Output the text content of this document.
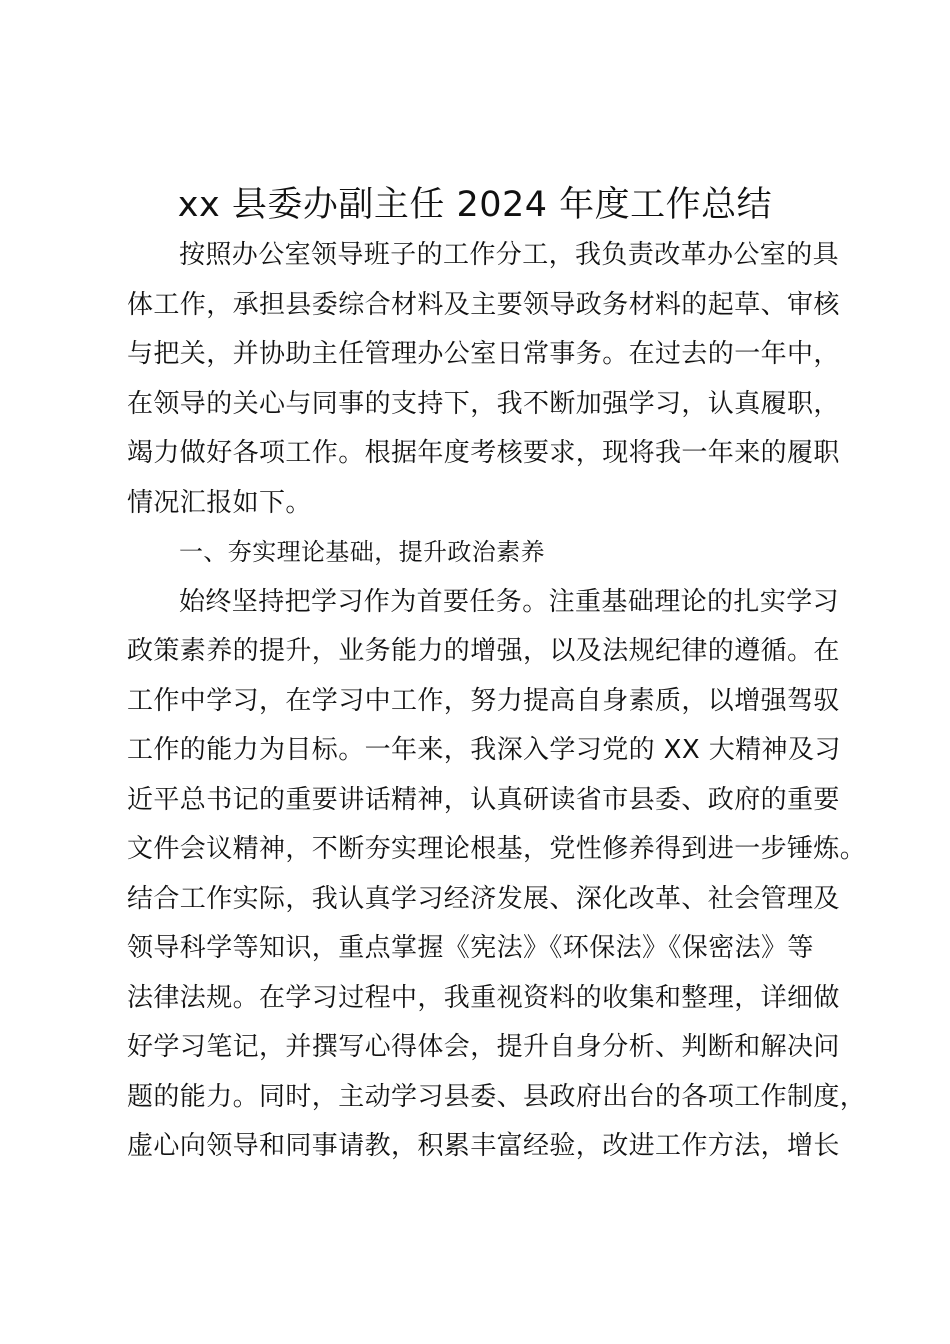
xx 县委办副主任 2024 年度工作总结
按照办公室领导班子的工作分工，我负责改革办公室的具
体工作，承担县委综合材料及主要领导政务材料的起草、审核
与把关，并协助主任管理办公室日常事务。在过去的一年中，
在领导的关心与同事的支持下，我不断加强学习，认真履职，
竭力做好各项工作。根据年度考核要求，现将我一年来的履职
情况汇报如下。
一、夯实理论基础，提升政治素养
始终坚持把学习作为首要任务。注重基础理论的扎实学习
政策素养的提升，业务能力的增强，以及法规纪律的遵循。在
工作中学习，在学习中工作，努力提高自身素质，以增强驾驭
工作的能力为目标。一年来，我深入学习党的 XX 大精神及习
近平总书记的重要讲话精神，认真研读省市县委、政府的重要
文件会议精神，不断夯实理论根基，党性修养得到进一步锤炼。
结合工作实际，我认真学习经济发展、深化改革、社会管理及
领导科学等知识，重点掌握《宪法》《环保法》《保密法》等
法律法规。在学习过程中，我重视资料的收集和整理，详细做
好学习笔记，并撰写心得体会，提升自身分析、判断和解决问
题的能力。同时，主动学习县委、县政府出台的各项工作制度，
虚心向领导和同事请教，积累丰富经验，改进工作方法，增长
